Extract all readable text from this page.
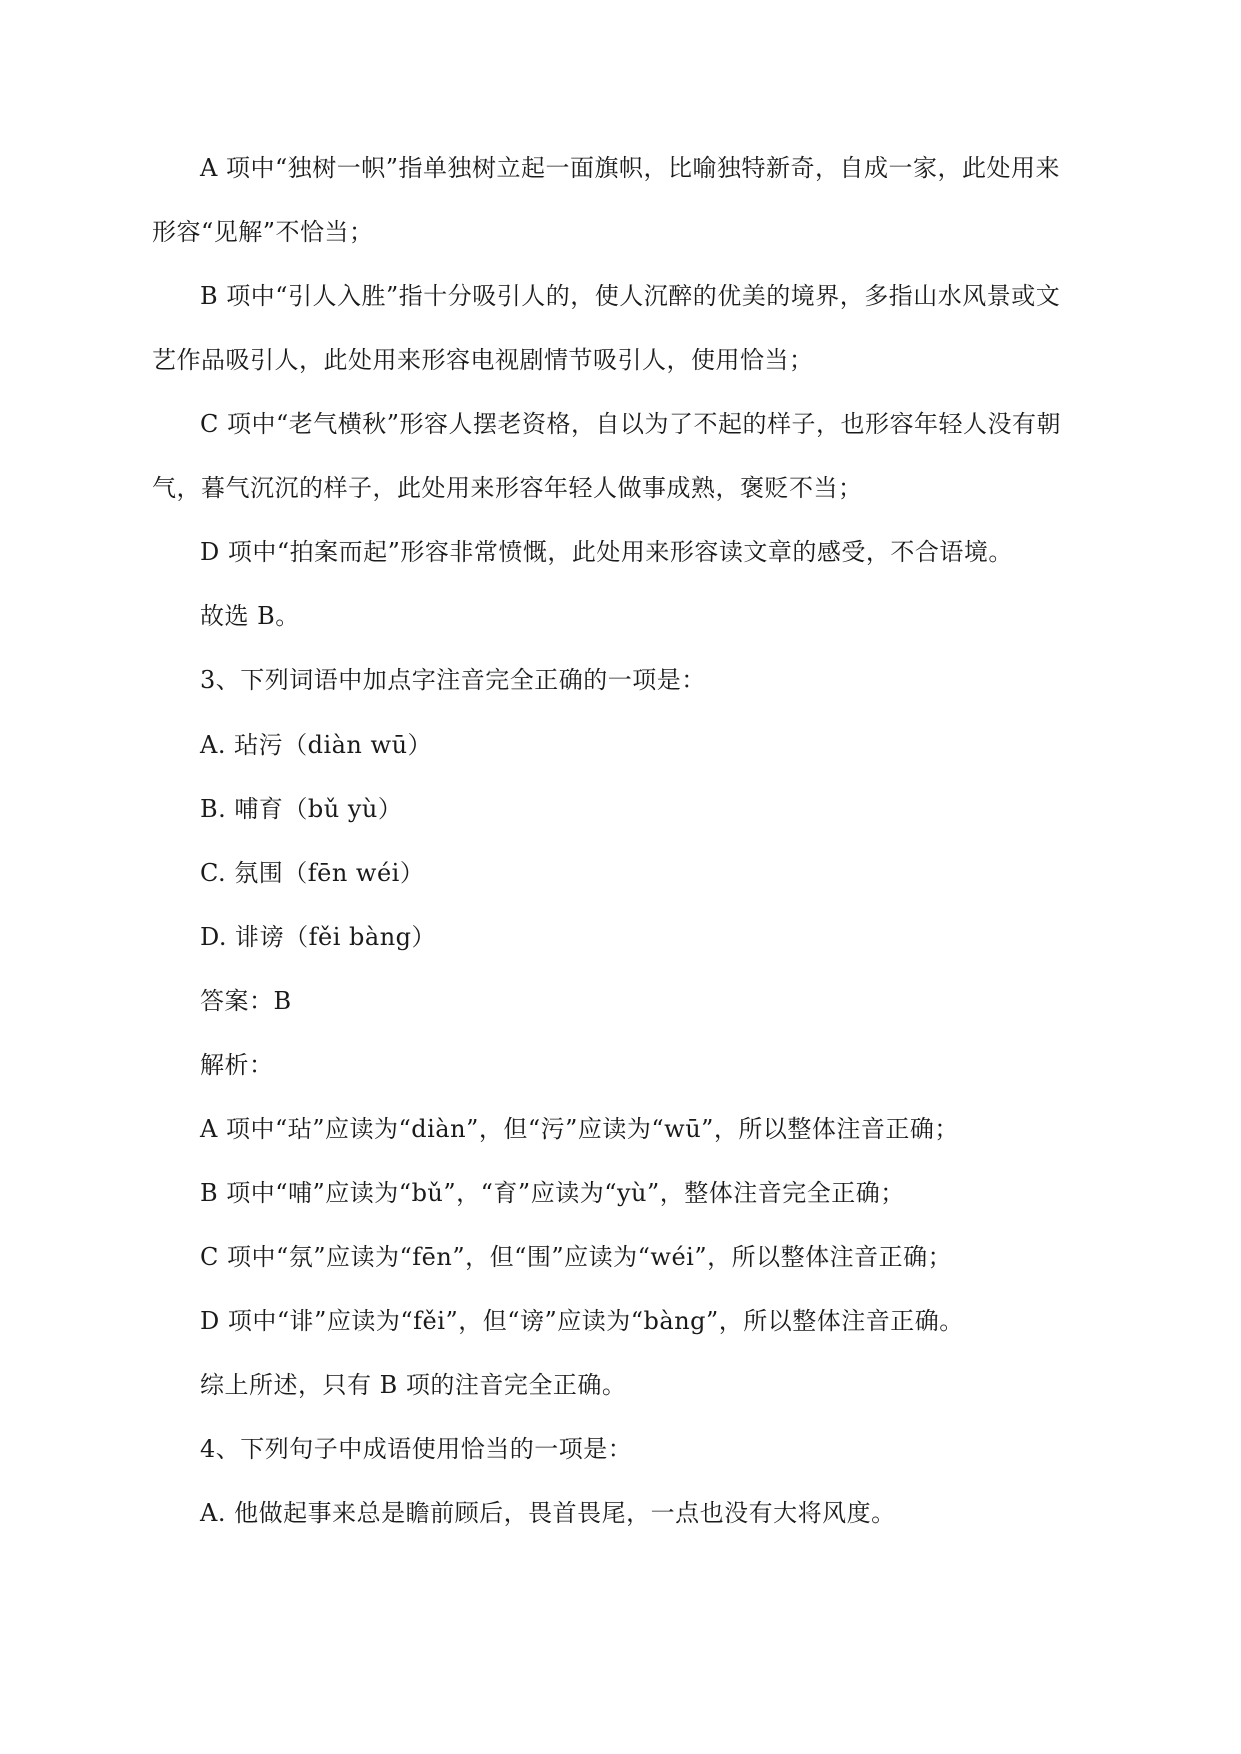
A 项中“独树一帜”指单独树立起一面旗帜，比喻独特新奇，自成一家，此处用来
形容“见解”不恰当；
B 项中“引人入胜”指十分吸引人的，使人沉醉的优美的境界，多指山水风景或文
艺作品吸引人，此处用来形容电视剧情节吸引人，使用恰当；
C 项中“老气横秋”形容人摆老资格，自以为了不起的样子，也形容年轻人没有朝
气，暮气沉沉的样子，此处用来形容年轻人做事成熟，褒贬不当；
D 项中“拍案而起”形容非常愤慨，此处用来形容读文章的感受，不合语境。
故选 B。
3、下列词语中加点字注音完全正确的一项是：
A. 玷污（diàn wū）
B. 哺育（bǔ yù）
C. 氛围（fēn wéi）
D. 诽谤（fěi bàng）
答案：B
解析：
A 项中“玷”应读为“diàn”，但“污”应读为“wū”，所以整体注音正确；
B 项中“哺”应读为“bǔ”，“育”应读为“yù”，整体注音完全正确；
C 项中“氛”应读为“fēn”，但“围”应读为“wéi”，所以整体注音正确；
D 项中“诽”应读为“fěi”，但“谤”应读为“bàng”，所以整体注音正确。
综上所述，只有 B 项的注音完全正确。
4、下列句子中成语使用恰当的一项是：
A. 他做起事来总是瞻前顾后，畏首畏尾，一点也没有大将风度。
